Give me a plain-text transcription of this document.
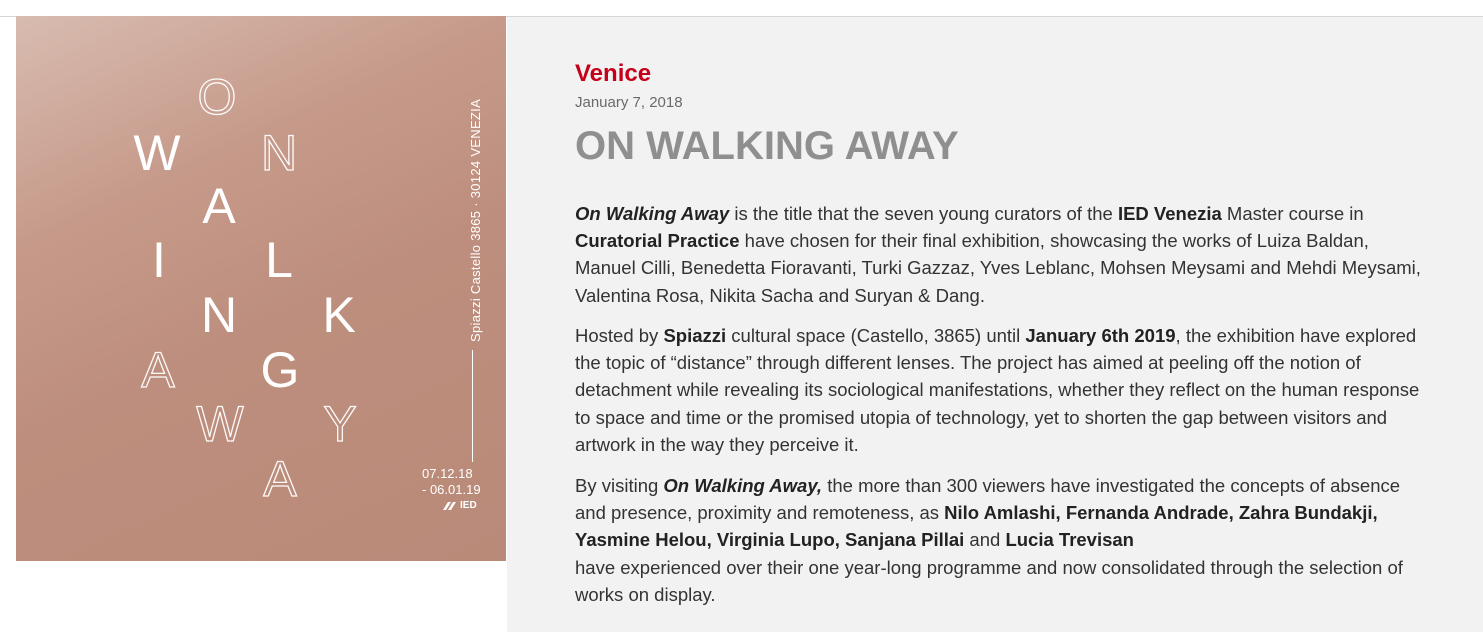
O
W N
A
I L
N K
A G
W Y
A
Spiazzi Castello 3865 · 30124 VENEZIA
07.12.18
- 06.01.19
IED
Venice
January 7, 2018
ON WALKING AWAY
On Walking Away is the title that the seven young curators of the IED Venezia Master course in Curatorial Practice have chosen for their final exhibition, showcasing the works of Luiza Baldan, Manuel Cilli, Benedetta Fioravanti, Turki Gazzaz, Yves Leblanc, Mohsen Meysami and Mehdi Meysami, Valentina Rosa, Nikita Sacha and Suryan & Dang.
Hosted by Spiazzi cultural space (Castello, 3865) until January 6th 2019, the exhibition have explored the topic of “distance” through different lenses. The project has aimed at peeling off the notion of detachment while revealing its sociological manifestations, whether they reflect on the human response to space and time or the promised utopia of technology, yet to shorten the gap between visitors and artwork in the way they perceive it.
By visiting On Walking Away, the more than 300 viewers have investigated the concepts of absence and presence, proximity and remoteness, as Nilo Amlashi, Fernanda Andrade, Zahra Bundakji, Yasmine Helou, Virginia Lupo, Sanjana Pillai and Lucia Trevisan
have experienced over their one year-long programme and now consolidated through the selection of works on display.
